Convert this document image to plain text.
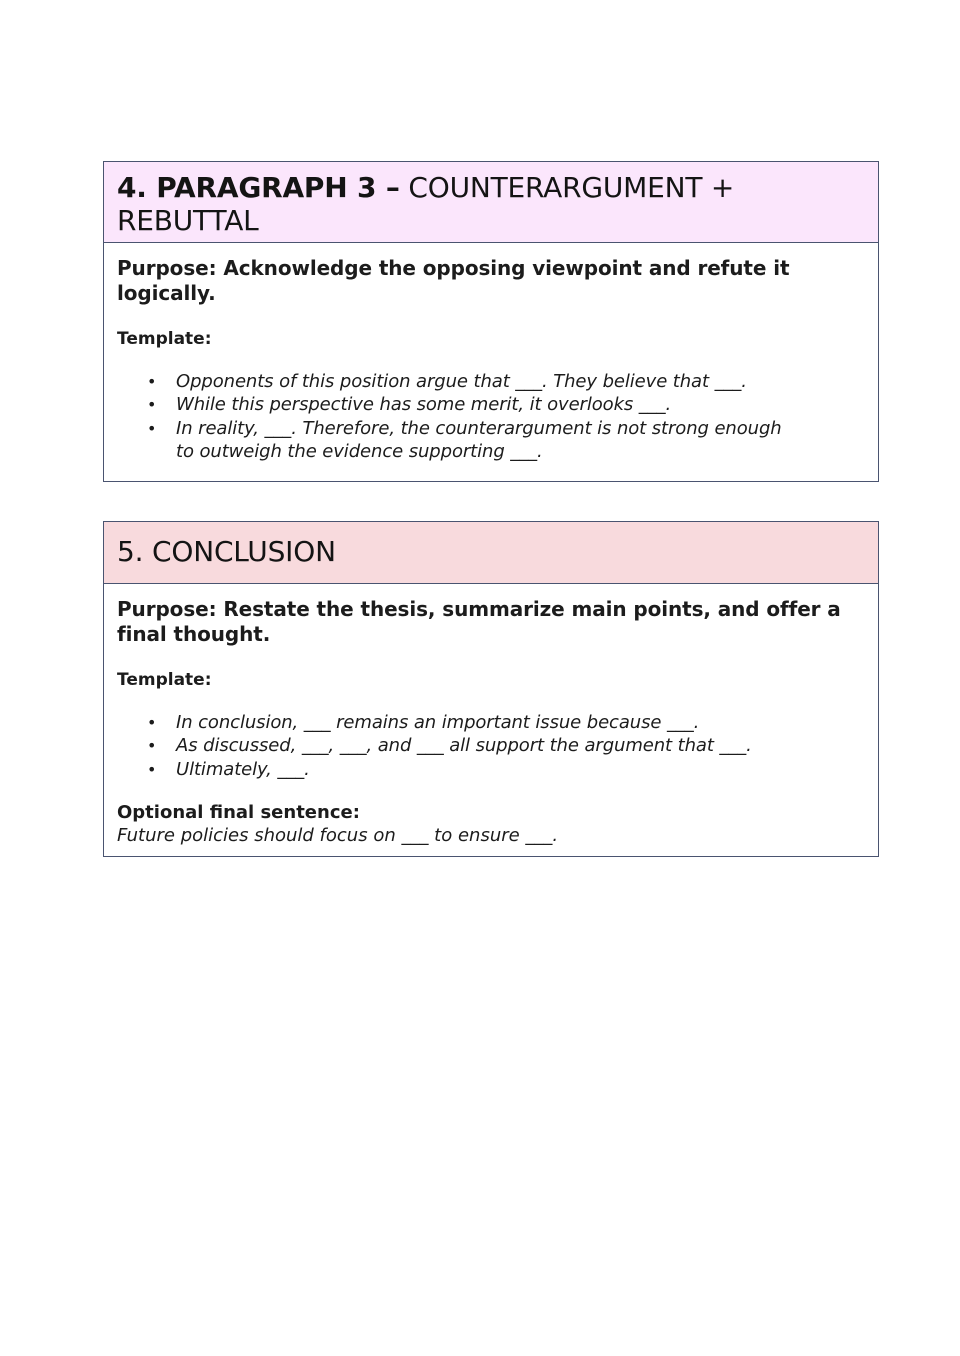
4. PARAGRAPH 3 – COUNTERARGUMENT + REBUTTAL

Purpose: Acknowledge the opposing viewpoint and refute it logically.

Template:

• Opponents of this position argue that ___. They believe that ___.
• While this perspective has some merit, it overlooks ___.
• In reality, ___. Therefore, the counterargument is not strong enough to outweigh the evidence supporting ___.
5. CONCLUSION

Purpose: Restate the thesis, summarize main points, and offer a final thought.

Template:

• In conclusion, ___ remains an important issue because ___.
• As discussed, ___, ___, and ___ all support the argument that ___.
• Ultimately, ___.

Optional final sentence:

Future policies should focus on ___ to ensure ___.
